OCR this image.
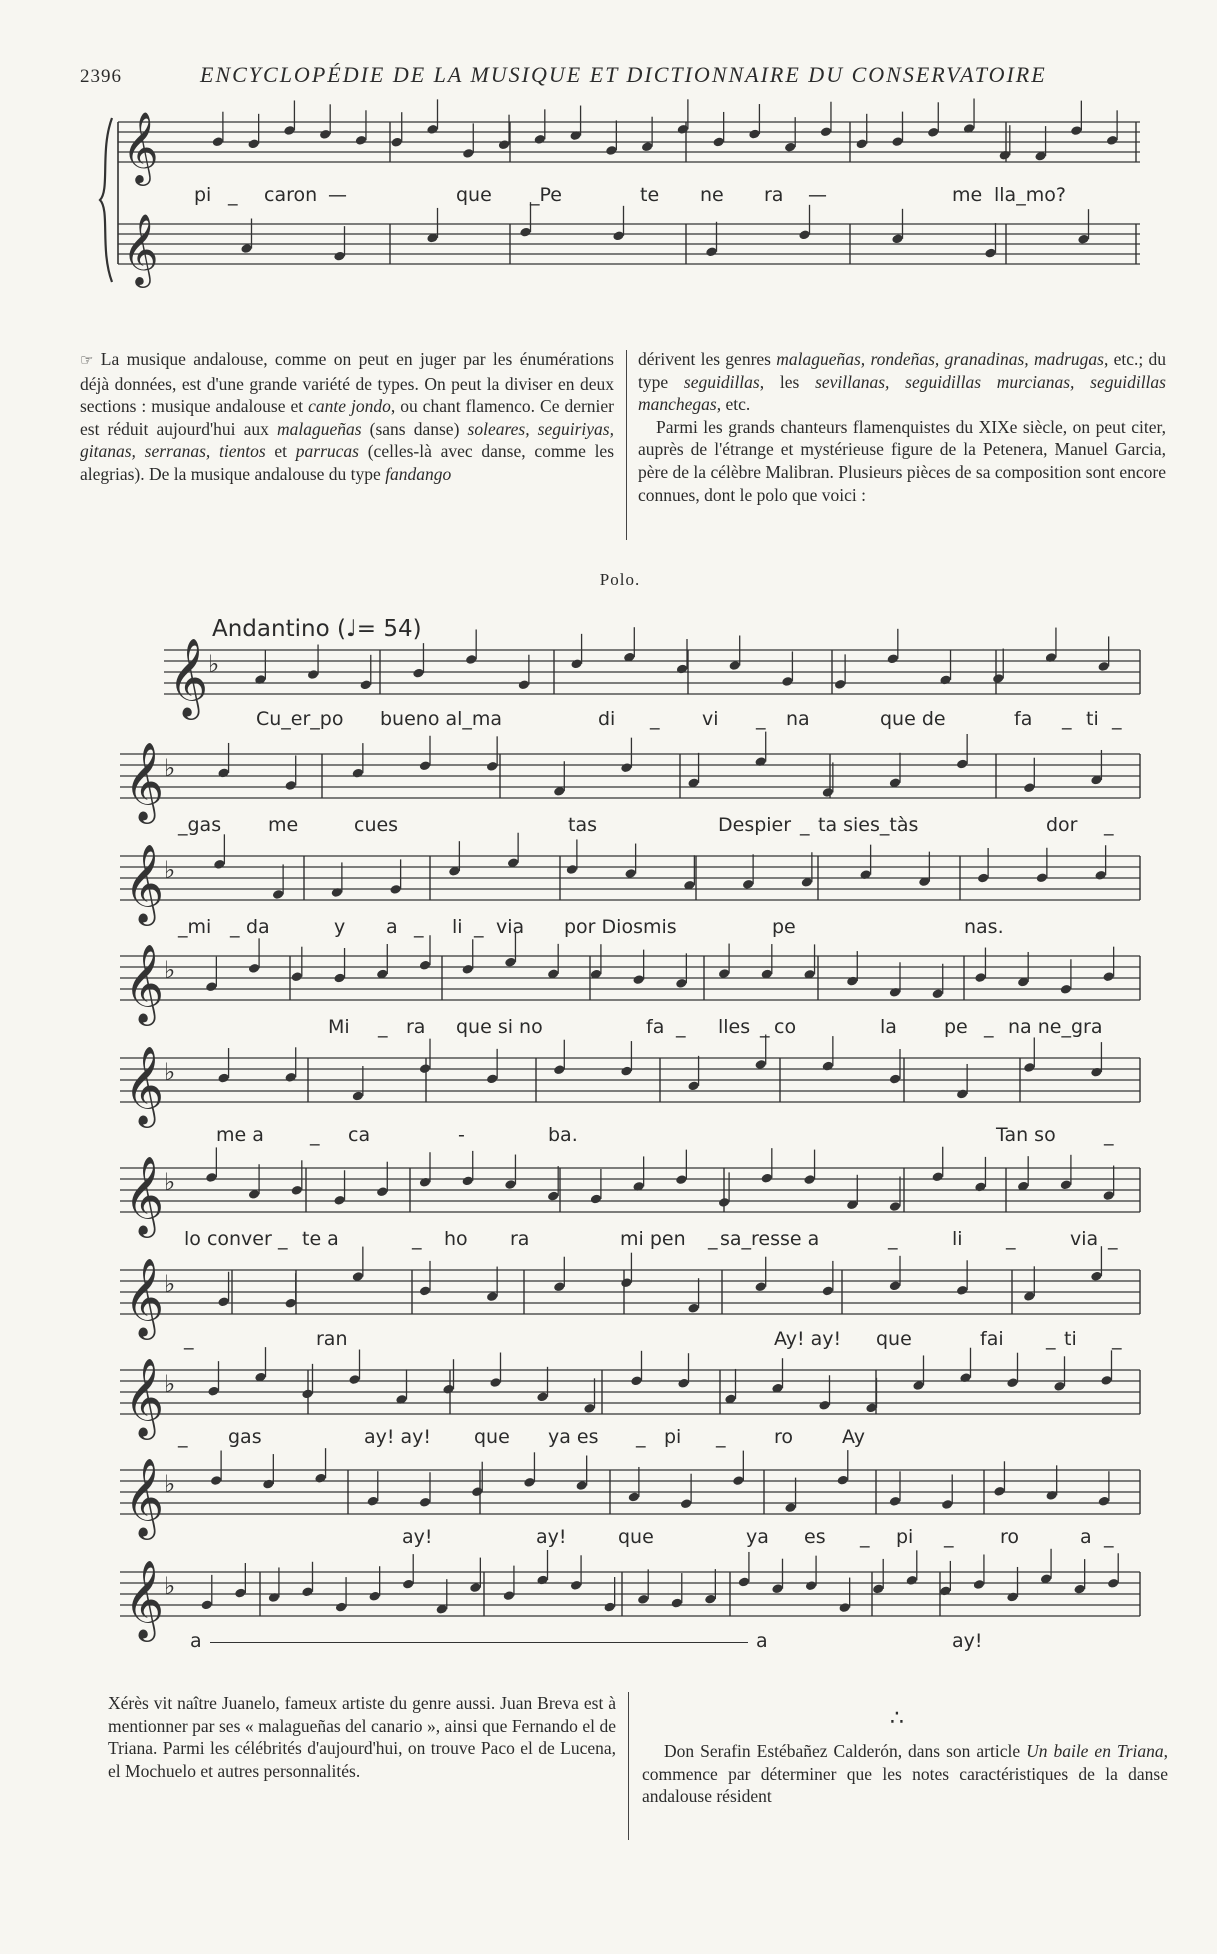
2396	ENCYCLOPÉDIE DE LA MUSIQUE ET DICTIONNAIRE DU CONSERVATOIRE
𝄞
𝄞
𝄞 ♭
𝄞 ♭
𝄞 ♭
𝄞 ♭
𝄞 ♭
𝄞 ♭
𝄞 ♭
𝄞 ♭
𝄞 ♭
𝄞 ♭
pi _ caron —	que _Pe	te ne ra —	me lla_mo?

☞ La musique andalouse, comme on peut en juger par les énumérations déjà données, est d'une grande variété de types. On peut la diviser en deux sections : musique andalouse et cante jondo, ou chant flamenco. Ce dernier est réduit aujourd'hui aux malagueñas (sans danse) soleares, seguiriyas, gitanas, serranas, tientos et parrucas (celles-là avec danse, comme les alegrias). De la musique andalouse du type fandango

dérivent les genres malagueñas, rondeñas, granadinas, madrugas, etc.; du type seguidillas, les sevillanas, seguidillas murcianas, seguidillas manchegas, etc.

Parmi les grands chanteurs flamenquistes du XIXe siècle, on peut citer, auprès de l'étrange et mystérieuse figure de la Petenera, Manuel Garcia, père de la célèbre Malibran. Plusieurs pièces de sa composition sont encore connues, dont le polo que voici :

Polo.
Andantino (♩= 54)
Cu_er_po bueno al_ma	di _ vi _ na	que de	fa _ ti _
_gas me	cues	tas	Despier _ ta sies_tàs	dor _
_mi _ da	y a _ li _ via por Diosmis	pe	nas.
Mi _ ra que si no	fa _ lles _ co	la pe _ na ne_gra
me a _ ca	-	ba.	Tan so	_
lo conver _ te a	_ ho ra	mi pen _ sa_resse a	_	li _	via _
_	ran	Ay! ay! que	fai _ ti _
_ gas	ay! ay! que ya es _ pi _	ro	Ay
ay!	ay!	que	ya es _ pi _ ro	a _
a	a	ay!

Xérès vit naître Juanelo, fameux artiste du genre aussi. Juan Breva est à mentionner par ses « malagueñas del canario », ainsi que Fernando el de Triana. Parmi les célébrités d'aujourd'hui, on trouve Paco el de Lucena, el Mochuelo et autres personnalités.

∴

Don Serafin Estébañez Calderón, dans son article Un baile en Triana, commence par déterminer que les notes caractéristiques de la danse andalouse résident
